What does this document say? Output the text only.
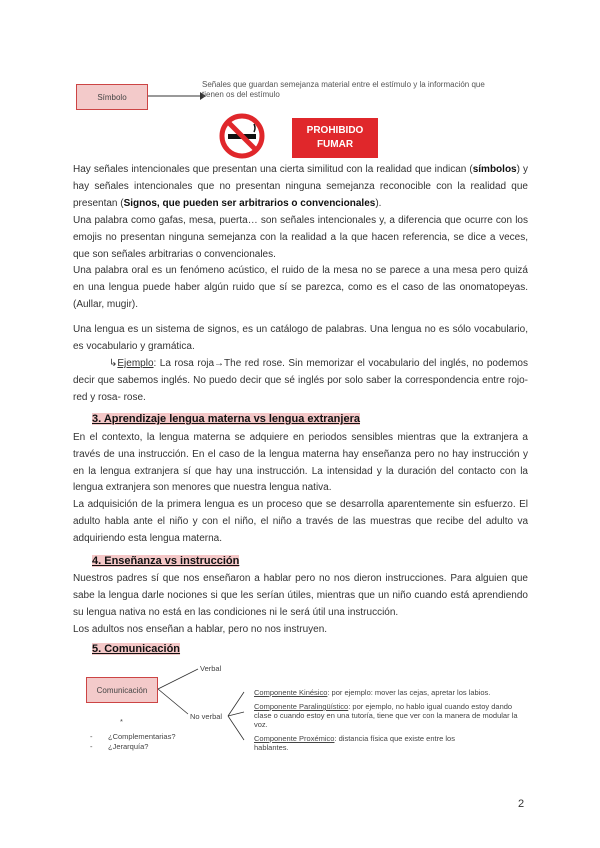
Símbolo
Señales que guardan semejanza material entre el estímulo y la información que
tienen os del estímulo
PROHIBIDO
FUMAR
Hay señales intencionales que presentan una cierta similitud con la realidad que indican (símbolos) y hay señales intencionales que no presentan ninguna semejanza reconocible con la realidad que presentan (Signos, que pueden ser arbitrarios o convencionales).
Una palabra como gafas, mesa, puerta… son señales intencionales y, a diferencia que ocurre con los emojis no presentan ninguna semejanza con la realidad a la que hacen referencia, se dice a veces, que son señales arbitrarias o convencionales.
Una palabra oral es un fenómeno acústico, el ruido de la mesa no se parece a una mesa pero quizá en una lengua puede haber algún ruido que sí se parezca, como es el caso de las onomatopeyas. (Aullar, mugir).
Una lengua es un sistema de signos, es un catálogo de palabras. Una lengua no es sólo vocabulario, es vocabulario y gramática.
↳Ejemplo: La rosa roja→The red rose. Sin memorizar el vocabulario del inglés, no podemos decir que sabemos inglés. No puedo decir que sé inglés por solo saber la correspondencia entre rojo- red y rosa- rose.
3. Aprendizaje lengua materna vs lengua extranjera
En el contexto, la lengua materna se adquiere en periodos sensibles mientras que la extranjera a través de una instrucción. En el caso de la lengua materna hay enseñanza pero no hay instrucción y en la lengua extranjera sí que hay una instrucción. La intensidad y la duración del contacto con la lengua extranjera son menores que nuestra lengua nativa.
La adquisición de la primera lengua es un proceso que se desarrolla aparentemente sin esfuerzo. El adulto habla ante el niño y con el niño, el niño a través de las muestras que recibe del adulto va adquiriendo esta lengua materna.
4. Enseñanza vs instrucción
Nuestros padres sí que nos enseñaron a hablar pero no nos dieron instrucciones. Para alguien que sabe la lengua darle nociones si que les serían útiles, mientras que un niño cuando está aprendiendo su lengua nativa no está en las condiciones ni le será útil una instrucción.
Los adultos nos enseñan a hablar, pero no nos instruyen.
5. Comunicación
Comunicación
Verbal
No verbal
Componente Kinésico: por ejemplo: mover las cejas, apretar los labios.
Componente Paralingüístico: por ejemplo, no hablo igual cuando estoy dando clase o cuando estoy en una tutoría, tiene que ver con la manera de modular la voz.
Componente Proxémico: distancia física que existe entre los hablantes.
*
- ¿Complementarias?
- ¿Jerarquía?
2
